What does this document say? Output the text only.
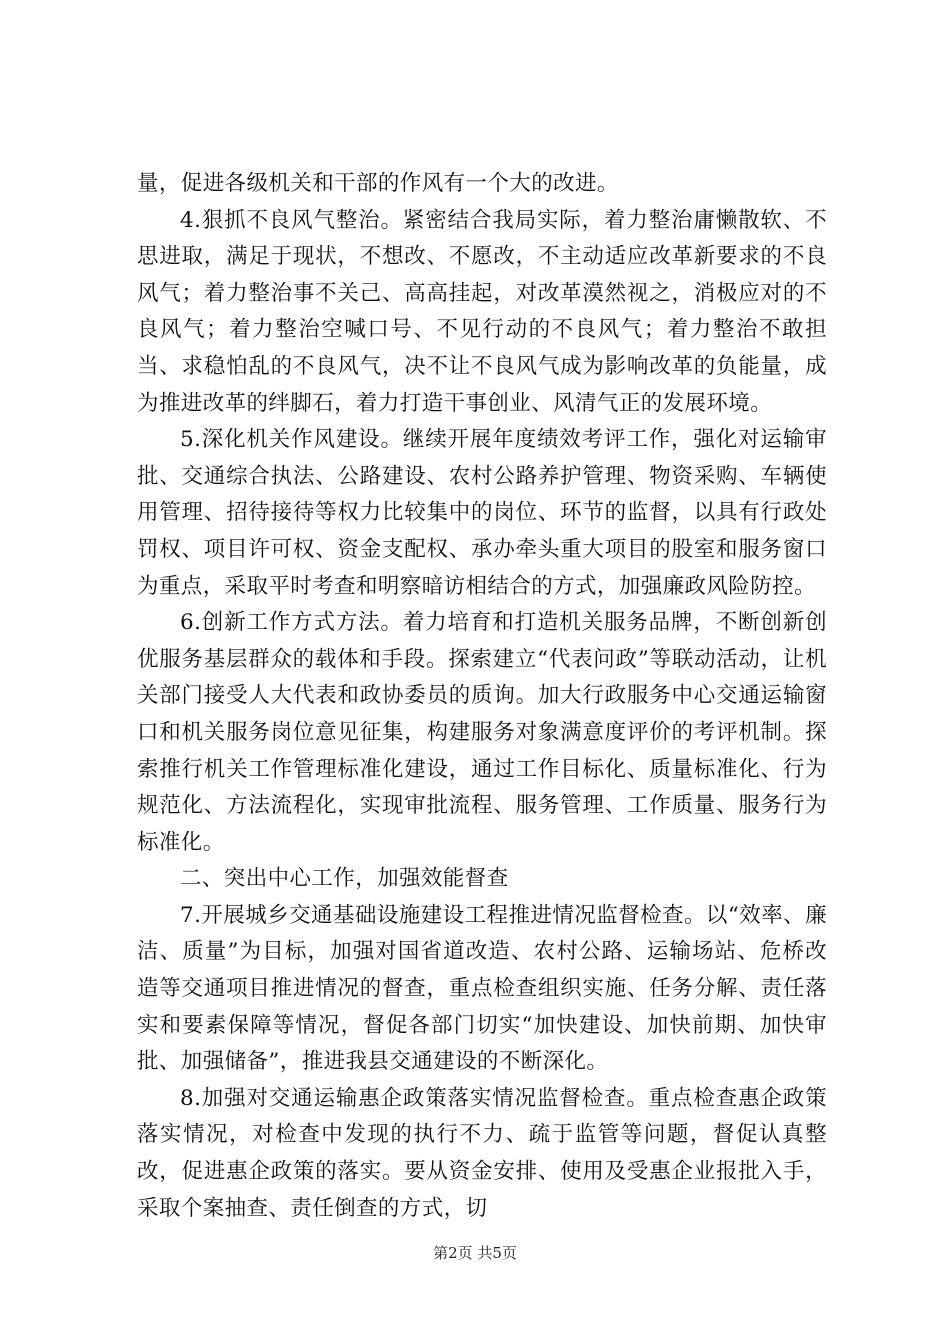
量，促进各级机关和干部的作风有一个大的改进。

4.狠抓不良风气整治。紧密结合我局实际，着力整治庸懒散软、不思进取，满足于现状，不想改、不愿改，不主动适应改革新要求的不良风气；着力整治事不关己、高高挂起，对改革漠然视之，消极应对的不良风气；着力整治空喊口号、不见行动的不良风气；着力整治不敢担当、求稳怕乱的不良风气，决不让不良风气成为影响改革的负能量，成为推进改革的绊脚石，着力打造干事创业、风清气正的发展环境。

5.深化机关作风建设。继续开展年度绩效考评工作，强化对运输审批、交通综合执法、公路建设、农村公路养护管理、物资采购、车辆使用管理、招待接待等权力比较集中的岗位、环节的监督，以具有行政处罚权、项目许可权、资金支配权、承办牵头重大项目的股室和服务窗口为重点，采取平时考查和明察暗访相结合的方式，加强廉政风险防控。

6.创新工作方式方法。着力培育和打造机关服务品牌，不断创新创优服务基层群众的载体和手段。探索建立“代表问政”等联动活动，让机关部门接受人大代表和政协委员的质询。加大行政服务中心交通运输窗口和机关服务岗位意见征集，构建服务对象满意度评价的考评机制。探索推行机关工作管理标准化建设，通过工作目标化、质量标准化、行为规范化、方法流程化，实现审批流程、服务管理、工作质量、服务行为标准化。

二、突出中心工作，加强效能督查

7.开展城乡交通基础设施建设工程推进情况监督检查。以“效率、廉洁、质量”为目标，加强对国省道改造、农村公路、运输场站、危桥改造等交通项目推进情况的督查，重点检查组织实施、任务分解、责任落实和要素保障等情况，督促各部门切实“加快建设、加快前期、加快审批、加强储备”，推进我县交通建设的不断深化。

8.加强对交通运输惠企政策落实情况监督检查。重点检查惠企政策落实情况，对检查中发现的执行不力、疏于监管等问题，督促认真整改，促进惠企政策的落实。要从资金安排、使用及受惠企业报批入手，采取个案抽查、责任倒查的方式，切

第2页 共5页
